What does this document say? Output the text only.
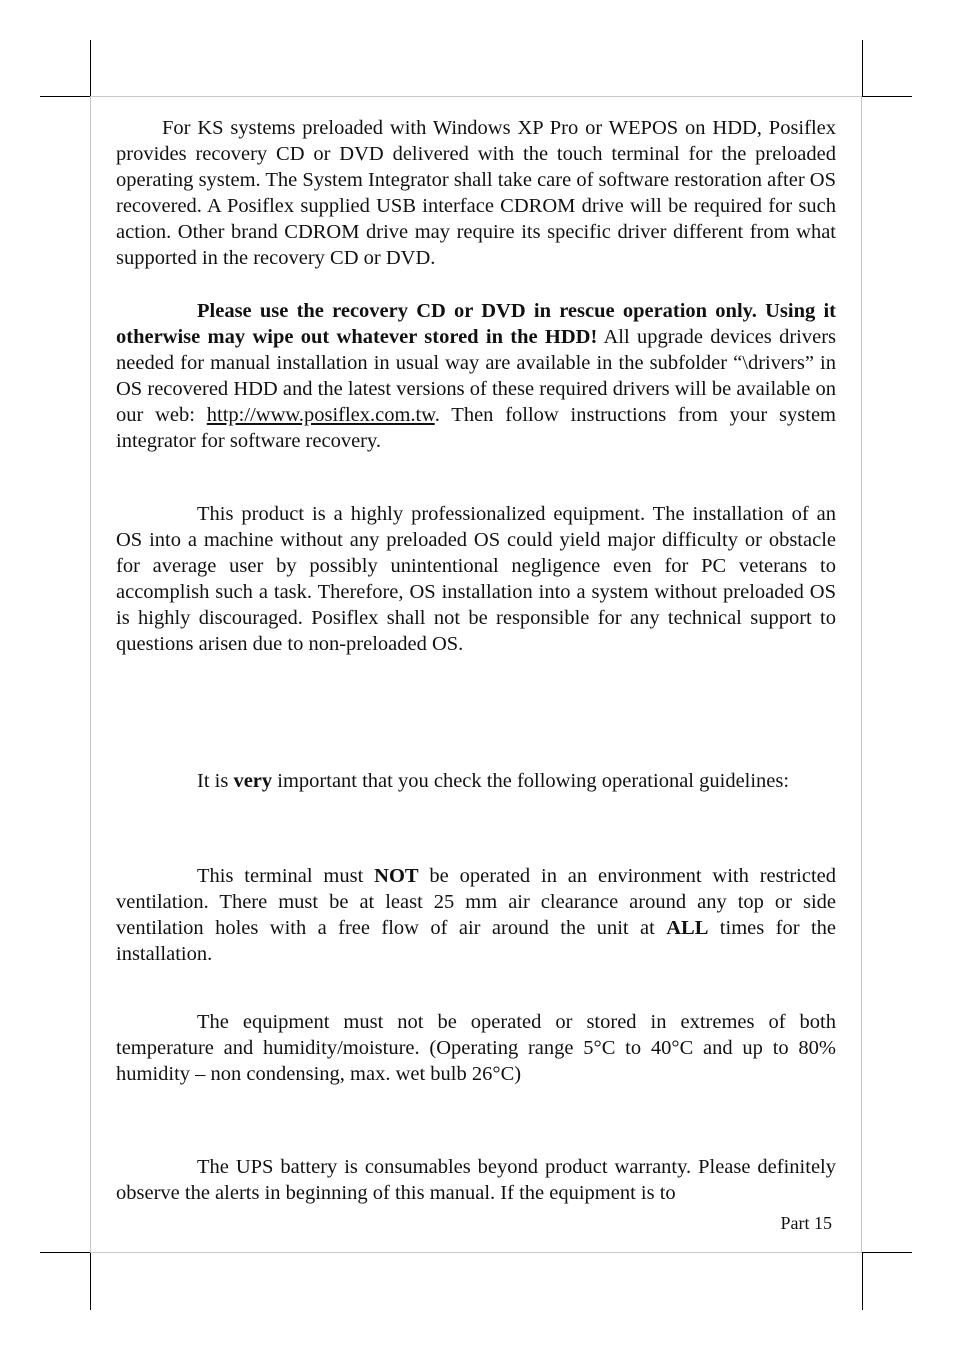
For KS systems preloaded with Windows XP Pro or WEPOS on HDD, Posiflex provides recovery CD or DVD delivered with the touch terminal for the preloaded operating system. The System Integrator shall take care of software restoration after OS recovered. A Posiflex supplied USB interface CDROM drive will be required for such action. Other brand CDROM drive may require its specific driver different from what supported in the recovery CD or DVD.

Please use the recovery CD or DVD in rescue operation only. Using it otherwise may wipe out whatever stored in the HDD! All upgrade devices drivers needed for manual installation in usual way are available in the subfolder “\drivers” in OS recovered HDD and the latest versions of these required drivers will be available on our web: http://www.posiflex.com.tw. Then follow instructions from your system integrator for software recovery.

This product is a highly professionalized equipment. The installation of an OS into a machine without any preloaded OS could yield major difficulty or obstacle for average user by possibly unintentional negligence even for PC veterans to accomplish such a task. Therefore, OS installation into a system without preloaded OS is highly discouraged. Posiflex shall not be responsible for any technical support to questions arisen due to non-preloaded OS.

It is very important that you check the following operational guidelines:

This terminal must NOT be operated in an environment with restricted ventilation. There must be at least 25 mm air clearance around any top or side ventilation holes with a free flow of air around the unit at ALL times for the installation.

The equipment must not be operated or stored in extremes of both temperature and humidity/moisture. (Operating range 5°C to 40°C and up to 80% humidity – non condensing, max. wet bulb 26°C)

The UPS battery is consumables beyond product warranty. Please definitely observe the alerts in beginning of this manual. If the equipment is to

Part 15
